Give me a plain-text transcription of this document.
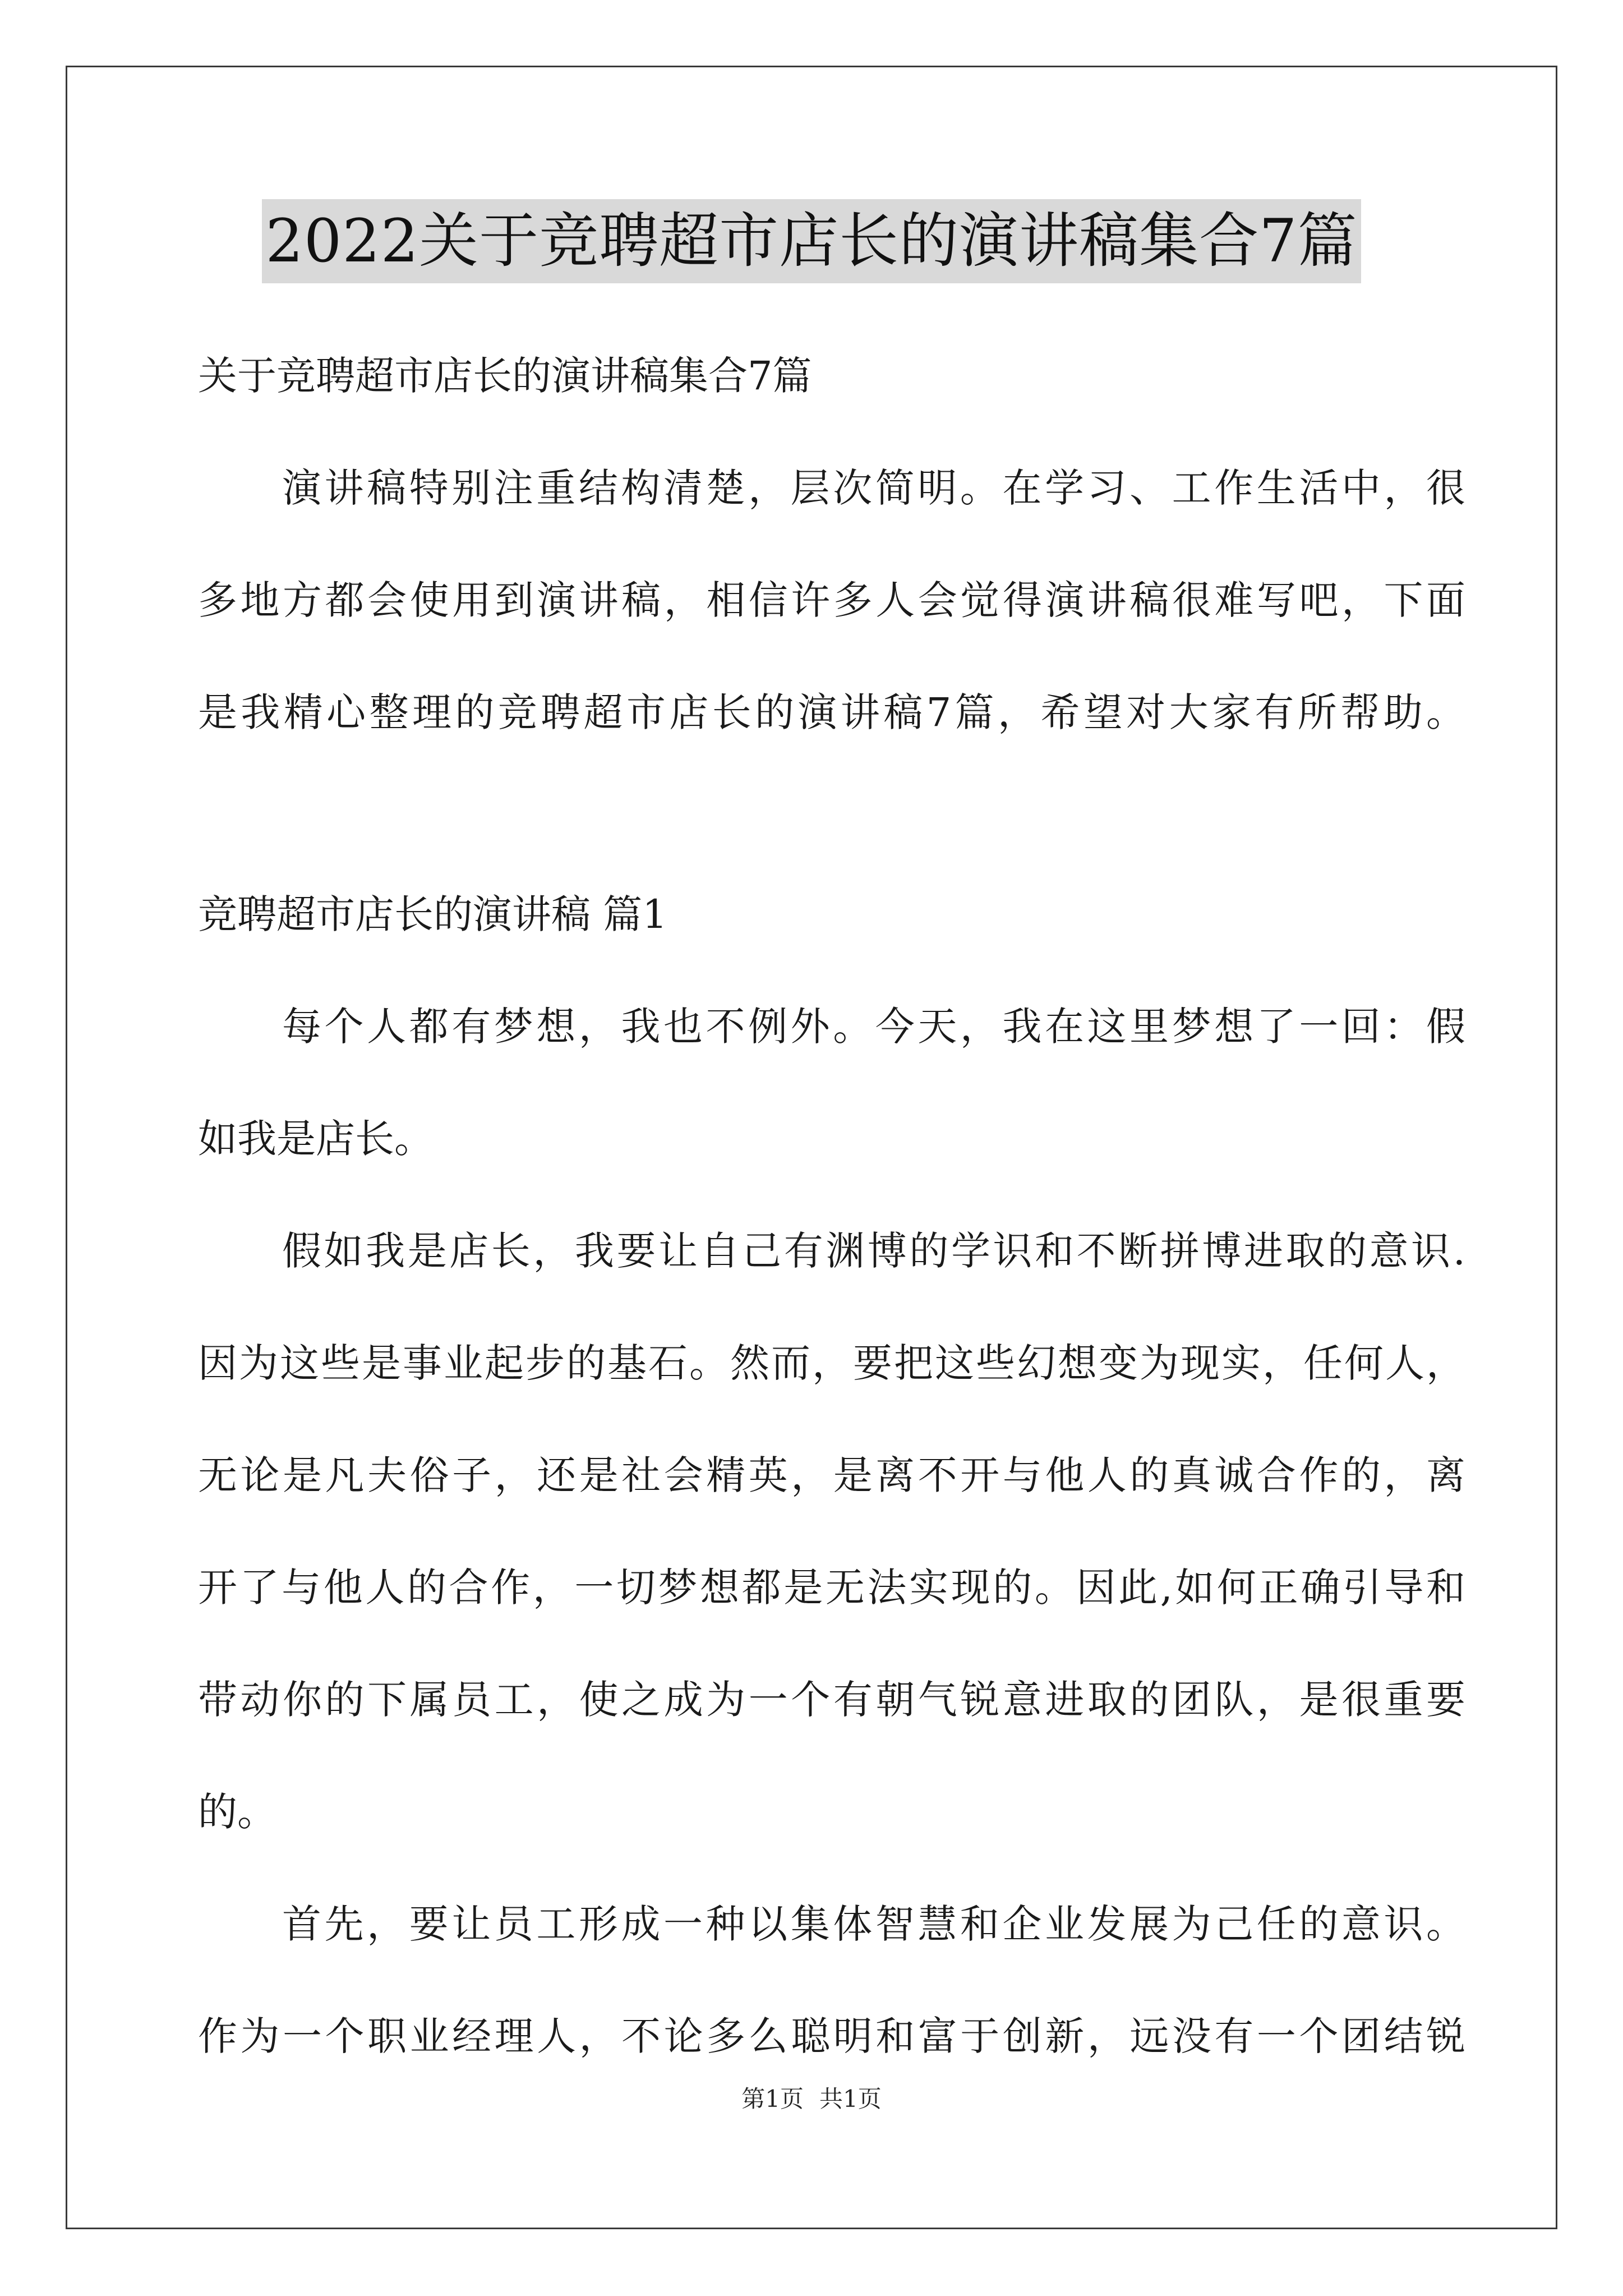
2022关于竞聘超市店长的演讲稿集合7篇
关于竞聘超市店长的演讲稿集合7篇
演讲稿特别注重结构清楚，层次简明。在学习、工作生活中，很
多地方都会使用到演讲稿，相信许多人会觉得演讲稿很难写吧，下面
是我精心整理的竞聘超市店长的演讲稿7篇，希望对大家有所帮助。
竞聘超市店长的演讲稿 篇1
每个人都有梦想，我也不例外。今天，我在这里梦想了一回：假
如我是店长。
假如我是店长，我要让自己有渊博的学识和不断拼博进取的意识.
因为这些是事业起步的基石。然而，要把这些幻想变为现实，任何人，
无论是凡夫俗子，还是社会精英，是离不开与他人的真诚合作的，离
开了与他人的合作，一切梦想都是无法实现的。因此,如何正确引导和
带动你的下属员工，使之成为一个有朝气锐意进取的团队，是很重要
的。
首先，要让员工形成一种以集体智慧和企业发展为己任的意识。
作为一个职业经理人，不论多么聪明和富于创新，远没有一个团结锐
第1页 共1页
